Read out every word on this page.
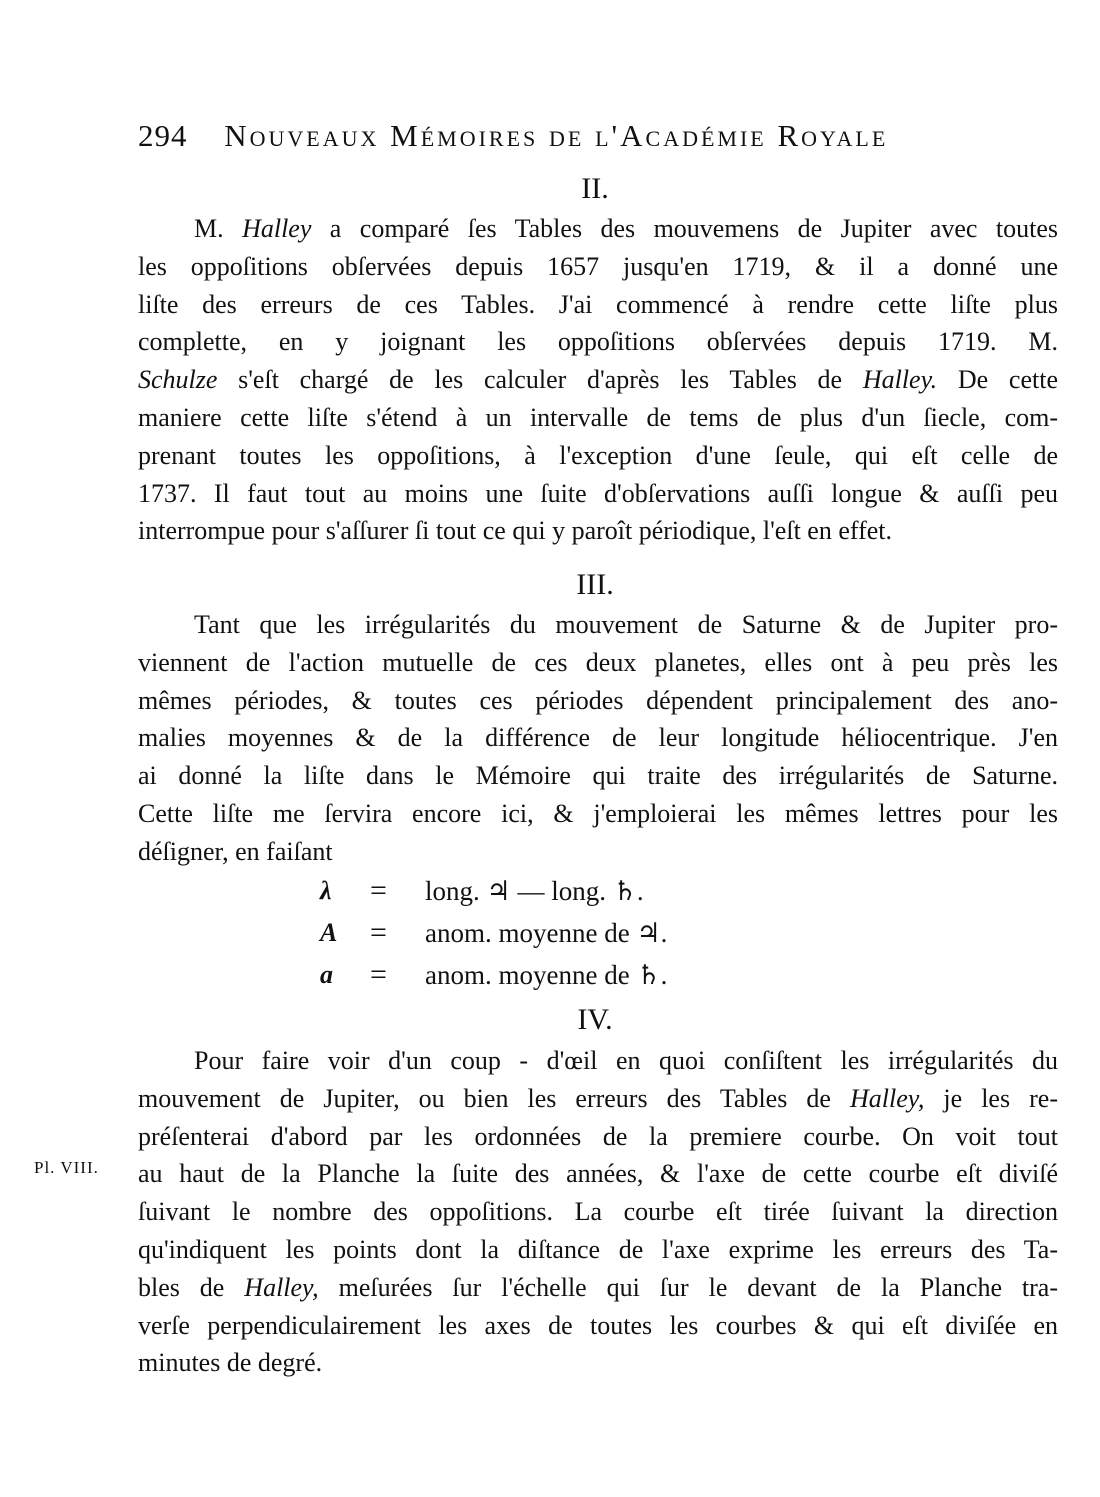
294 Nouveaux Mémoires de l'Académie Royale
II.
M. Halley a comparé ſes Tables des mouvemens de Jupiter avec toutes
les oppoſitions obſervées depuis 1657 jusqu'en 1719, & il a donné une
liſte des erreurs de ces Tables. J'ai commencé à rendre cette liſte plus
complette, en y joignant les oppoſitions obſervées depuis 1719. M.
Schulze s'eſt chargé de les calculer d'après les Tables de Halley. De cette
maniere cette liſte s'étend à un intervalle de tems de plus d'un ſiecle, com-
prenant toutes les oppoſitions, à l'exception d'une ſeule, qui eſt celle de
1737. Il faut tout au moins une ſuite d'obſervations auſſi longue & auſſi peu
interrompue pour s'aſſurer ſi tout ce qui y paroît périodique, l'eſt en effet.
III.
Tant que les irrégularités du mouvement de Saturne & de Jupiter pro-
viennent de l'action mutuelle de ces deux planetes, elles ont à peu près les
mêmes périodes, & toutes ces périodes dépendent principalement des ano-
malies moyennes & de la différence de leur longitude héliocentrique. J'en
ai donné la liſte dans le Mémoire qui traite des irrégularités de Saturne.
Cette liſte me ſervira encore ici, & j'emploierai les mêmes lettres pour les
déſigner, en faiſant
λ	=	long. ♃ — long. ♄.
A	=	anom. moyenne de ♃.
a	=	anom. moyenne de ♄.
IV.
Pour faire voir d'un coup - d'œil en quoi conſiſtent les irrégularités du
mouvement de Jupiter, ou bien les erreurs des Tables de Halley, je les re-
préſenterai d'abord par les ordonnées de la premiere courbe. On voit tout
au haut de la Planche la ſuite des années, & l'axe de cette courbe eſt diviſé
ſuivant le nombre des oppoſitions. La courbe eſt tirée ſuivant la direction
qu'indiquent les points dont la diſtance de l'axe exprime les erreurs des Ta-
bles de Halley, meſurées ſur l'échelle qui ſur le devant de la Planche tra-
verſe perpendiculairement les axes de toutes les courbes & qui eſt diviſée en
minutes de degré.
Pl. VIII.
